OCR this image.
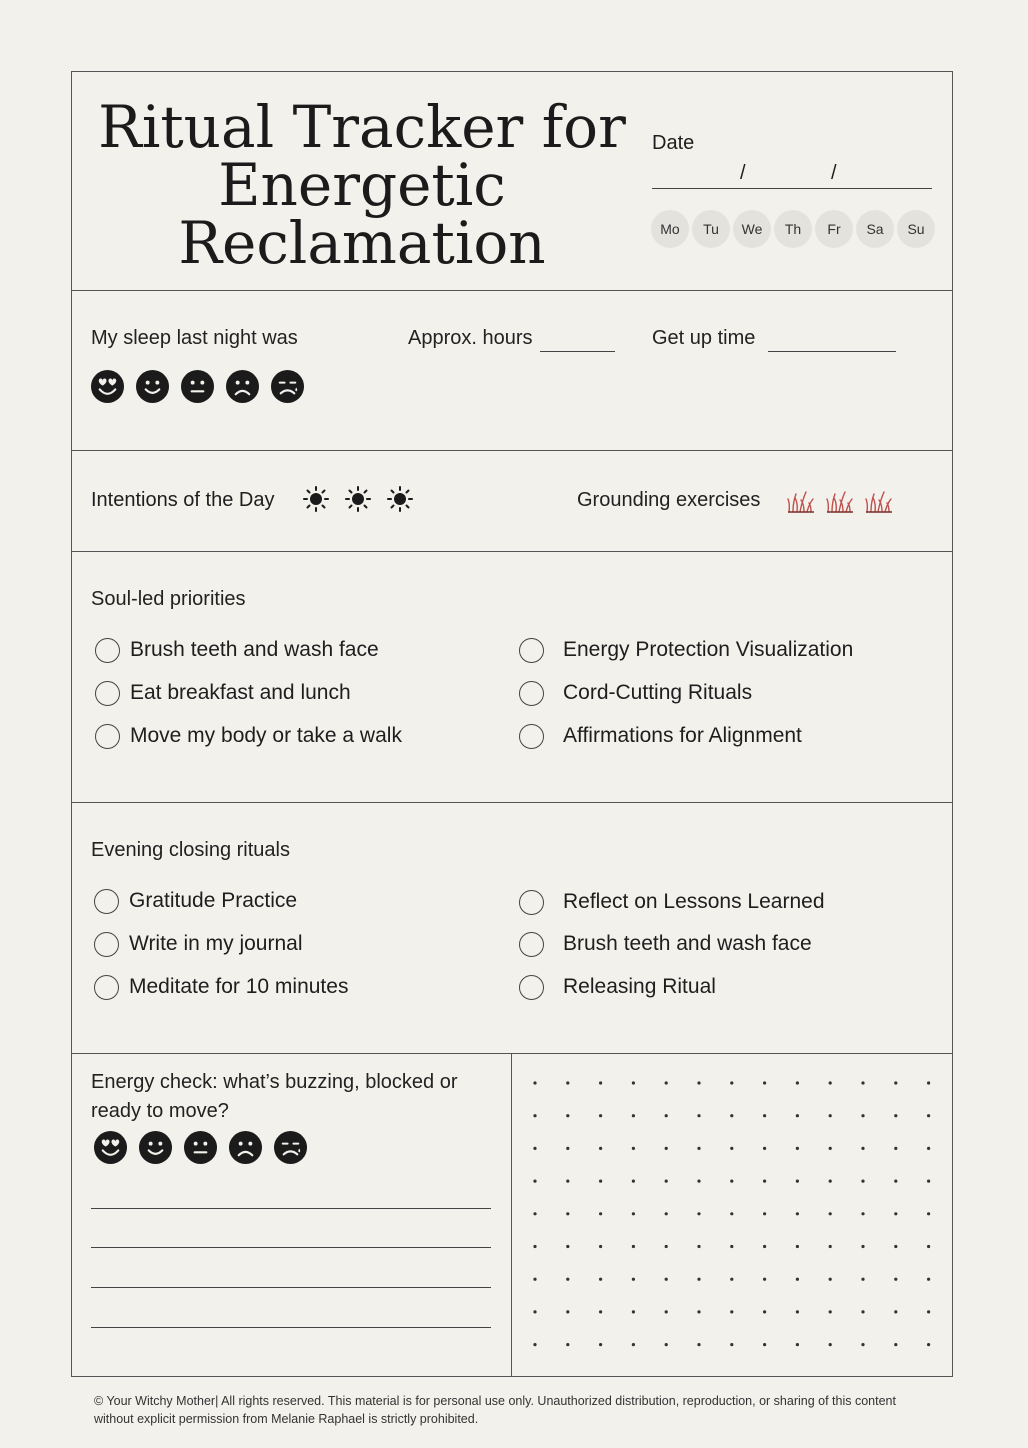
Ritual Tracker for
Energetic
Reclamation
Date
/	/
Mo	Tu	We	Th	Fr	Sa	Su
My sleep last night was	Approx. hours	Get up time
Intentions of the Day	Grounding exercises
Soul-led priorities
Brush teeth and wash face
Eat breakfast and lunch
Move my body or take a walk
Energy Protection Visualization
Cord-Cutting Rituals
Affirmations for Alignment
Evening closing rituals
Gratitude Practice
Write in my journal
Meditate for 10 minutes
Reflect on Lessons Learned
Brush teeth and wash face
Releasing Ritual
Energy check: what’s buzzing, blocked or ready to move?
© Your Witchy Mother| All rights reserved. This material is for personal use only. Unauthorized distribution, reproduction, or sharing of this content without explicit permission from Melanie Raphael is strictly prohibited.
